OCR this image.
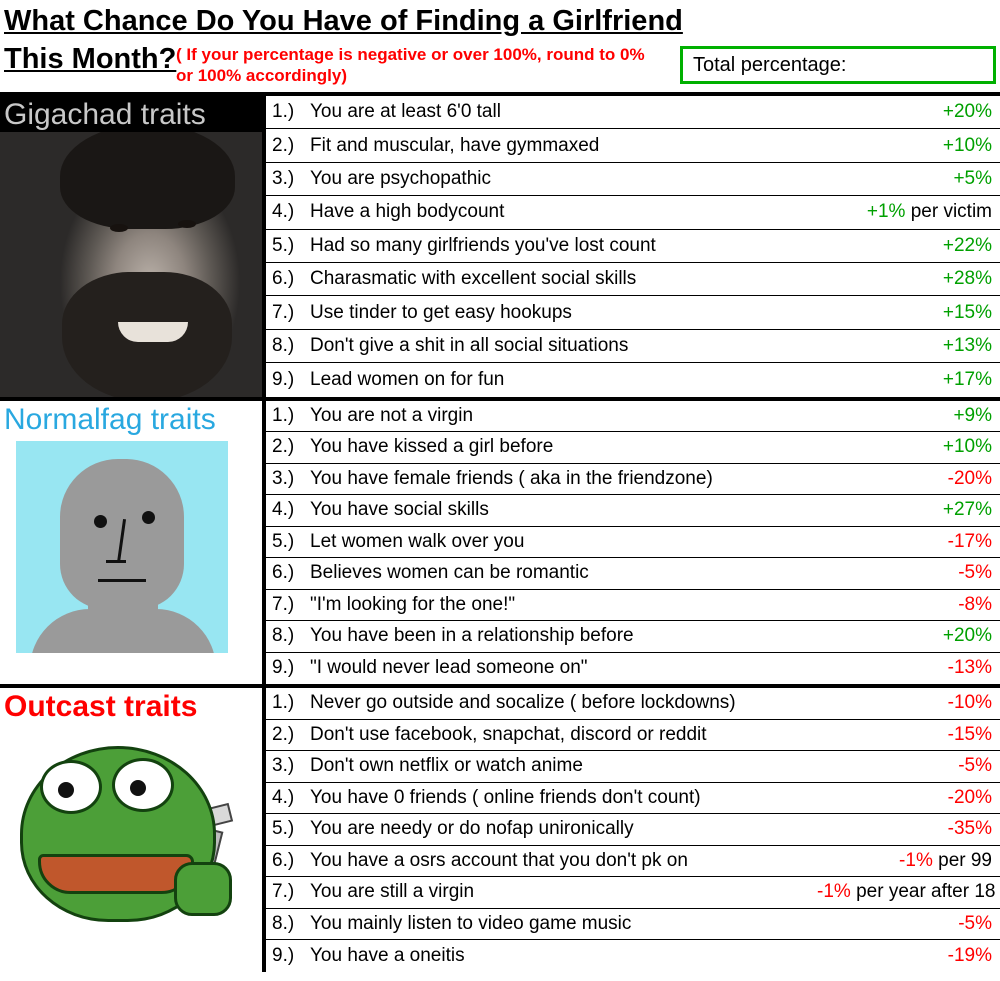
What Chance Do You Have of Finding a Girlfriend This Month? ( If your percentage is negative or over 100%, round to 0% or 100% accordingly)	Total percentage:
Gigachad traits	1.) You are at least 6'0 tall	+20%
2.) Fit and muscular, have gymmaxed	+10%
3.) You are psychopathic	+5%
4.) Have a high bodycount	+1% per victim
5.) Had so many girlfriends you've lost count	+22%
6.) Charasmatic with excellent social skills	+28%
7.) Use tinder to get easy hookups	+15%
8.) Don't give a shit in all social situations	+13%
9.) Lead women on for fun	+17%
Normalfag traits	1.) You are not a virgin	+9%
2.) You have kissed a girl before	+10%
3.) You have female friends ( aka in the friendzone)	-20%
4.) You have social skills	+27%
5.) Let women walk over you	-17%
6.) Believes women can be romantic	-5%
7.) "I'm looking for the one!"	-8%
8.) You have been in a relationship before	+20%
9.) "I would never lead someone on"	-13%
Outcast traits	1.) Never go outside and socalize ( before lockdowns)	-10%
2.) Don't use facebook, snapchat, discord or reddit	-15%
3.) Don't own netflix or watch anime	-5%
4.) You have 0 friends ( online friends don't count)	-20%
5.) You are needy or do nofap unironically	-35%
6.) You have a osrs account that you don't pk on	-1% per 99
7.) You are still a virgin	-1% per year after 18
8.) You mainly listen to video game music	-5%
9.) You have a oneitis	-19%
